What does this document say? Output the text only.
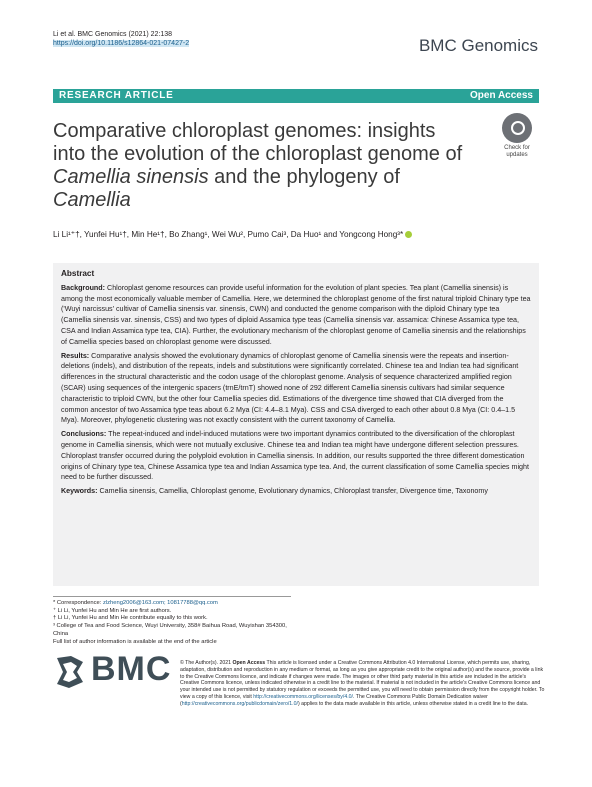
Li et al. BMC Genomics (2021) 22:138
https://doi.org/10.1186/s12864-021-07427-2	BMC Genomics
RESEARCH ARTICLE	Open Access
Comparative chloroplast genomes: insights into the evolution of the chloroplast genome of Camellia sinensis and the phylogeny of Camellia
Check for
updates
Li Li¹⁺†, Yunfei Hu¹†, Min He¹†, Bo Zhang¹, Wei Wu², Pumo Cai³, Da Huo¹ and Yongcong Hong³*
Abstract

Background: Chloroplast genome resources can provide useful information for the evolution of plant species. Tea plant (Camellia sinensis) is among the most economically valuable member of Camellia. Here, we determined the chloroplast genome of the first natural triploid Chinary type tea ('Wuyi narcissus' cultivar of Camellia sinensis var. sinensis, CWN) and conducted the genome comparison with the diploid Chinary type tea (Camellia sinensis var. sinensis, CSS) and two types of diploid Assamica type teas (Camellia sinensis var. assamica: Chinese Assamica type tea, CSA and Indian Assamica type tea, CIA). Further, the evolutionary mechanism of the chloroplast genome of Camellia sinensis and the relationships of Camellia species based on chloroplast genome were discussed.

Results: Comparative analysis showed the evolutionary dynamics of chloroplast genome of Camellia sinensis were the repeats and insertion-deletions (indels), and distribution of the repeats, indels and substitutions were significantly correlated. Chinese tea and Indian tea had significant differences in the structural characteristic and the codon usage of the chloroplast genome. Analysis of sequence characterized amplified region (SCAR) using sequences of the intergenic spacers (trnE/trnT) showed none of 292 different Camellia sinensis cultivars had similar sequence characteristic to triploid CWN, but the other four Camellia species did. Estimations of the divergence time showed that CIA diverged from the common ancestor of two Assamica type teas about 6.2 Mya (CI: 4.4–8.1 Mya). CSS and CSA diverged to each other about 0.8 Mya (CI: 0.4–1.5 Mya). Moreover, phylogenetic clustering was not exactly consistent with the current taxonomy of Camellia.

Conclusions: The repeat-induced and indel-induced mutations were two important dynamics contributed to the diversification of the chloroplast genome in Camellia sinensis, which were not mutually exclusive. Chinese tea and Indian tea might have undergone different selection pressures. Chloroplast transfer occurred during the polyploid evolution in Camellia sinensis. In addition, our results supported the three different domestication origins of Chinary type tea, Chinese Assamica type tea and Indian Assamica type tea. And, the current classification of some Camellia species might need to be further discussed.

Keywords: Camellia sinensis, Camellia, Chloroplast genome, Evolutionary dynamics, Chloroplast transfer, Divergence time, Taxonomy

* Correspondence: zlzheng2006@163.com; 10817788@qq.com
⁺ Li Li, Yunfei Hu and Min He are first authors.
† Li Li, Yunfei Hu and Min He contribute equally to this work.
³ College of Tea and Food Science, Wuyi University, 358# Baihua Road, Wuyishan 354300, China
Full list of author information is available at the end of the article
BMC © The Author(s). 2021 Open Access This article is licensed under a Creative Commons Attribution 4.0 International License, which permits use, sharing, adaptation, distribution and reproduction in any medium or format, as long as you give appropriate credit to the original author(s) and the source, provide a link to the Creative Commons licence, and indicate if changes were made. The images or other third party material in this article are included in the article's Creative Commons licence, unless indicated otherwise in a credit line to the material. If material is not included in the article's Creative Commons licence and your intended use is not permitted by statutory regulation or exceeds the permitted use, you will need to obtain permission directly from the copyright holder. To view a copy of this licence, visit http://creativecommons.org/licenses/by/4.0/. The Creative Commons Public Domain Dedication waiver (http://creativecommons.org/publicdomain/zero/1.0/) applies to the data made available in this article, unless otherwise stated in a credit line to the data.
